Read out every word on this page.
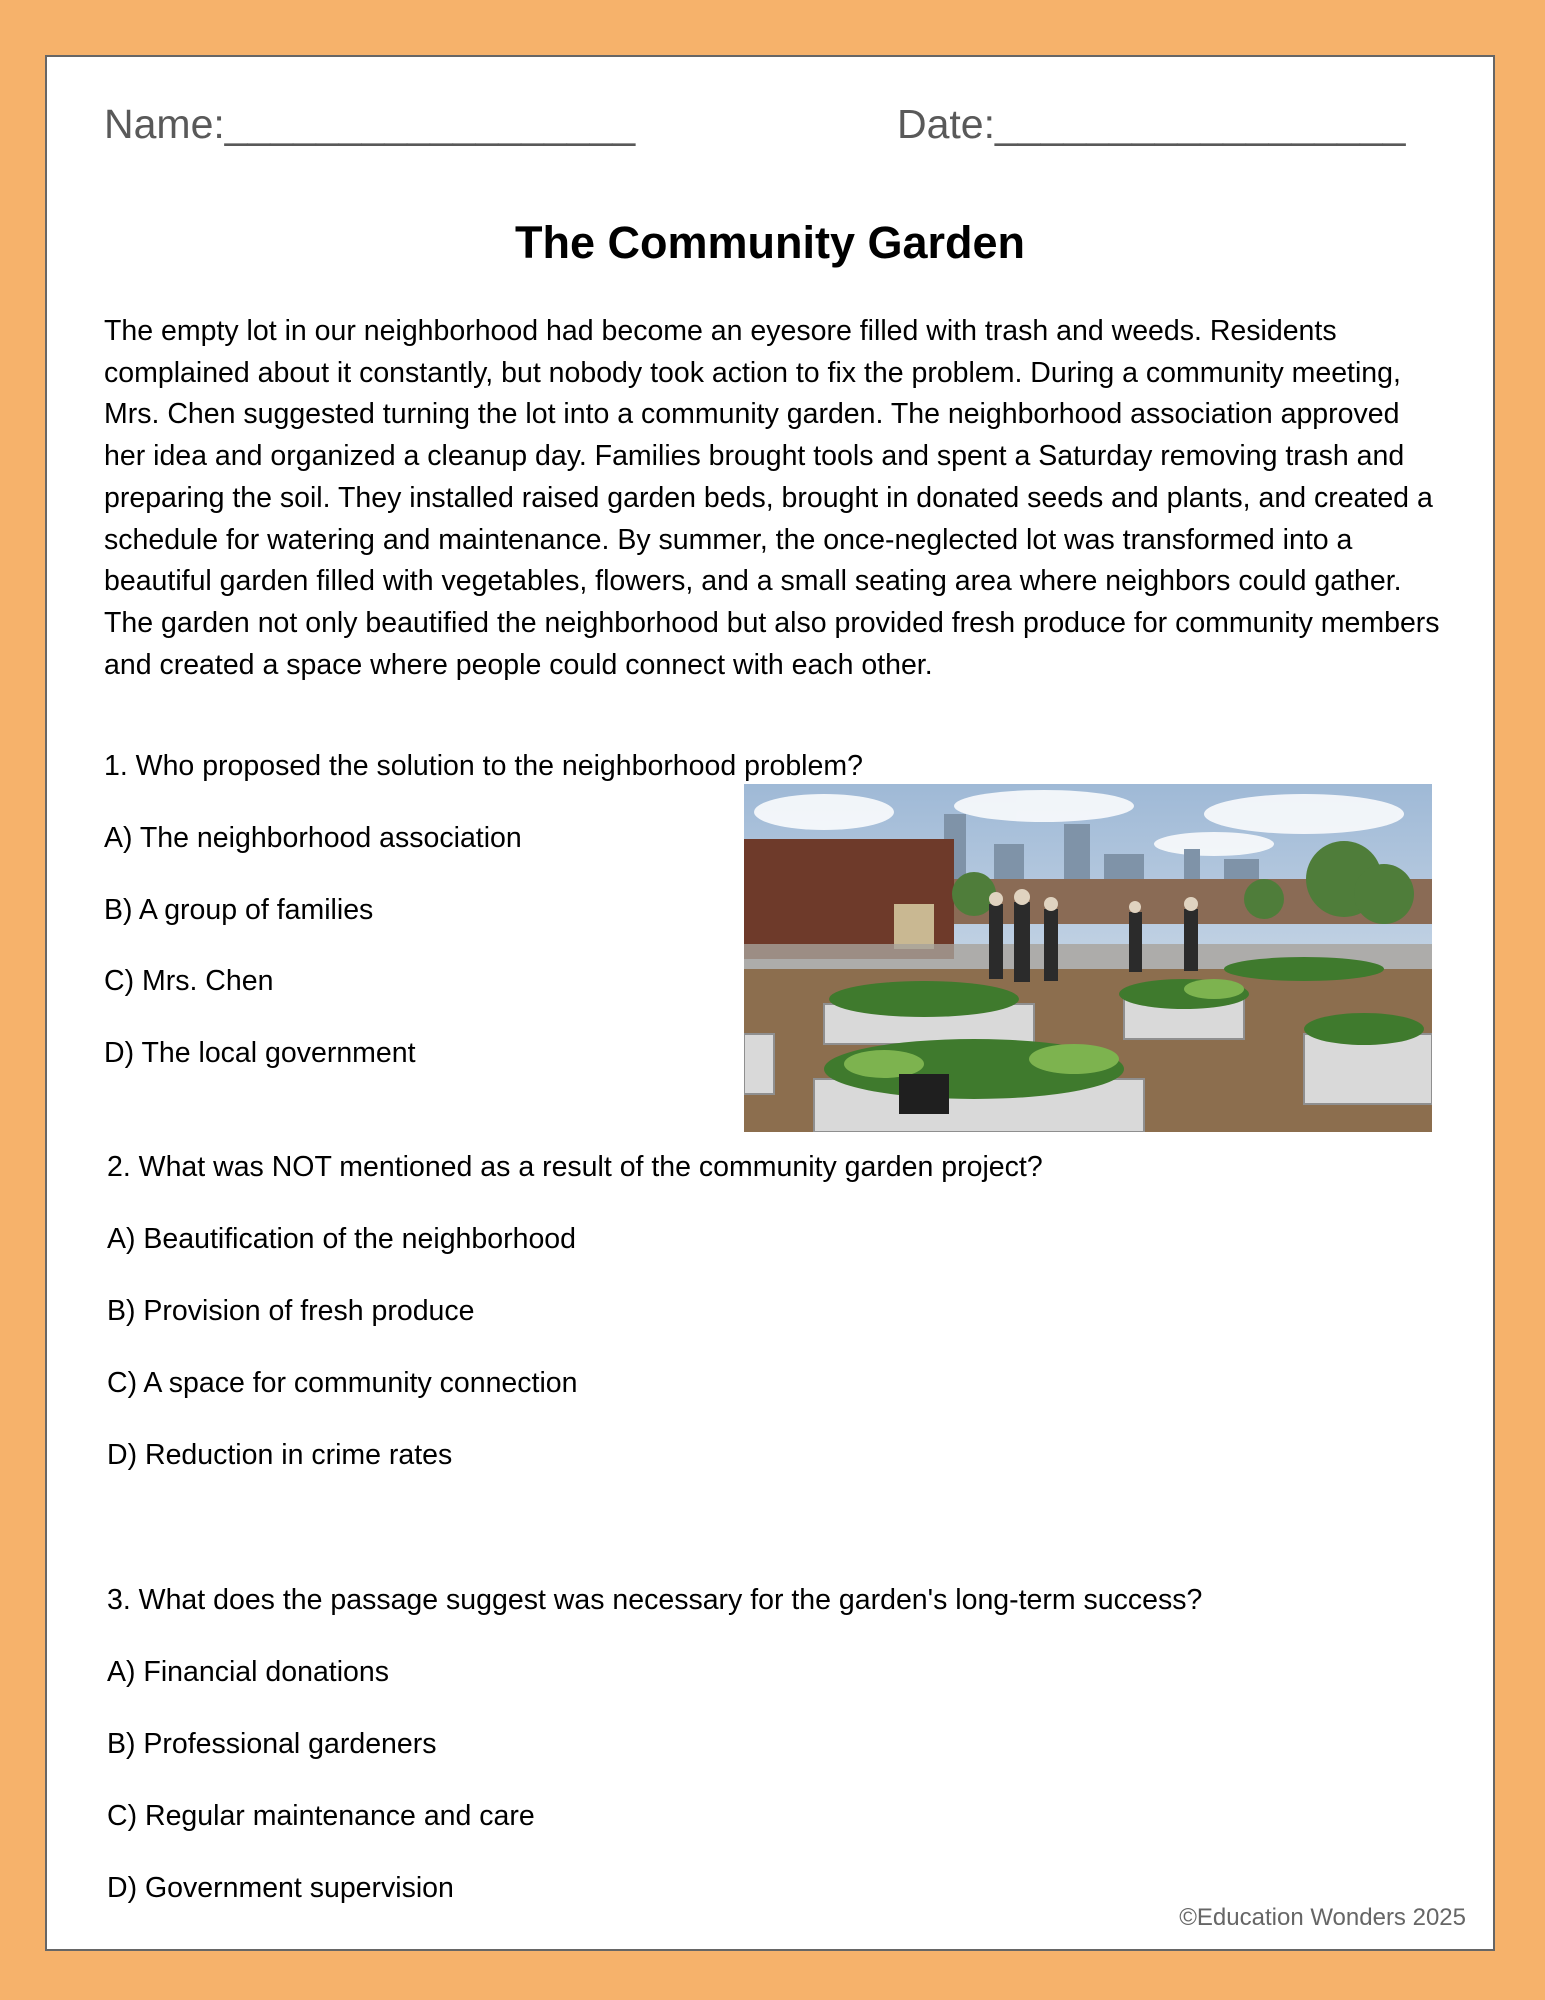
Name:__________________	Date:__________________
The Community Garden

The empty lot in our neighborhood had become an eyesore filled with trash and weeds. Residents complained about it constantly, but nobody took action to fix the problem. During a community meeting, Mrs. Chen suggested turning the lot into a community garden. The neighborhood association approved her idea and organized a cleanup day. Families brought tools and spent a Saturday removing trash and preparing the soil. They installed raised garden beds, brought in donated seeds and plants, and created a schedule for watering and maintenance. By summer, the once-neglected lot was transformed into a beautiful garden filled with vegetables, flowers, and a small seating area where neighbors could gather. The garden not only beautified the neighborhood but also provided fresh produce for community members and created a space where people could connect with each other.

1. Who proposed the solution to the neighborhood problem?
A) The neighborhood association
B) A group of families
C) Mrs. Chen
D) The local government
2. What was NOT mentioned as a result of the community garden project?
A) Beautification of the neighborhood
B) Provision of fresh produce
C) A space for community connection
D) Reduction in crime rates
3. What does the passage suggest was necessary for the garden's long-term success?
A) Financial donations
B) Professional gardeners
C) Regular maintenance and care
D) Government supervision
©Education Wonders 2025
